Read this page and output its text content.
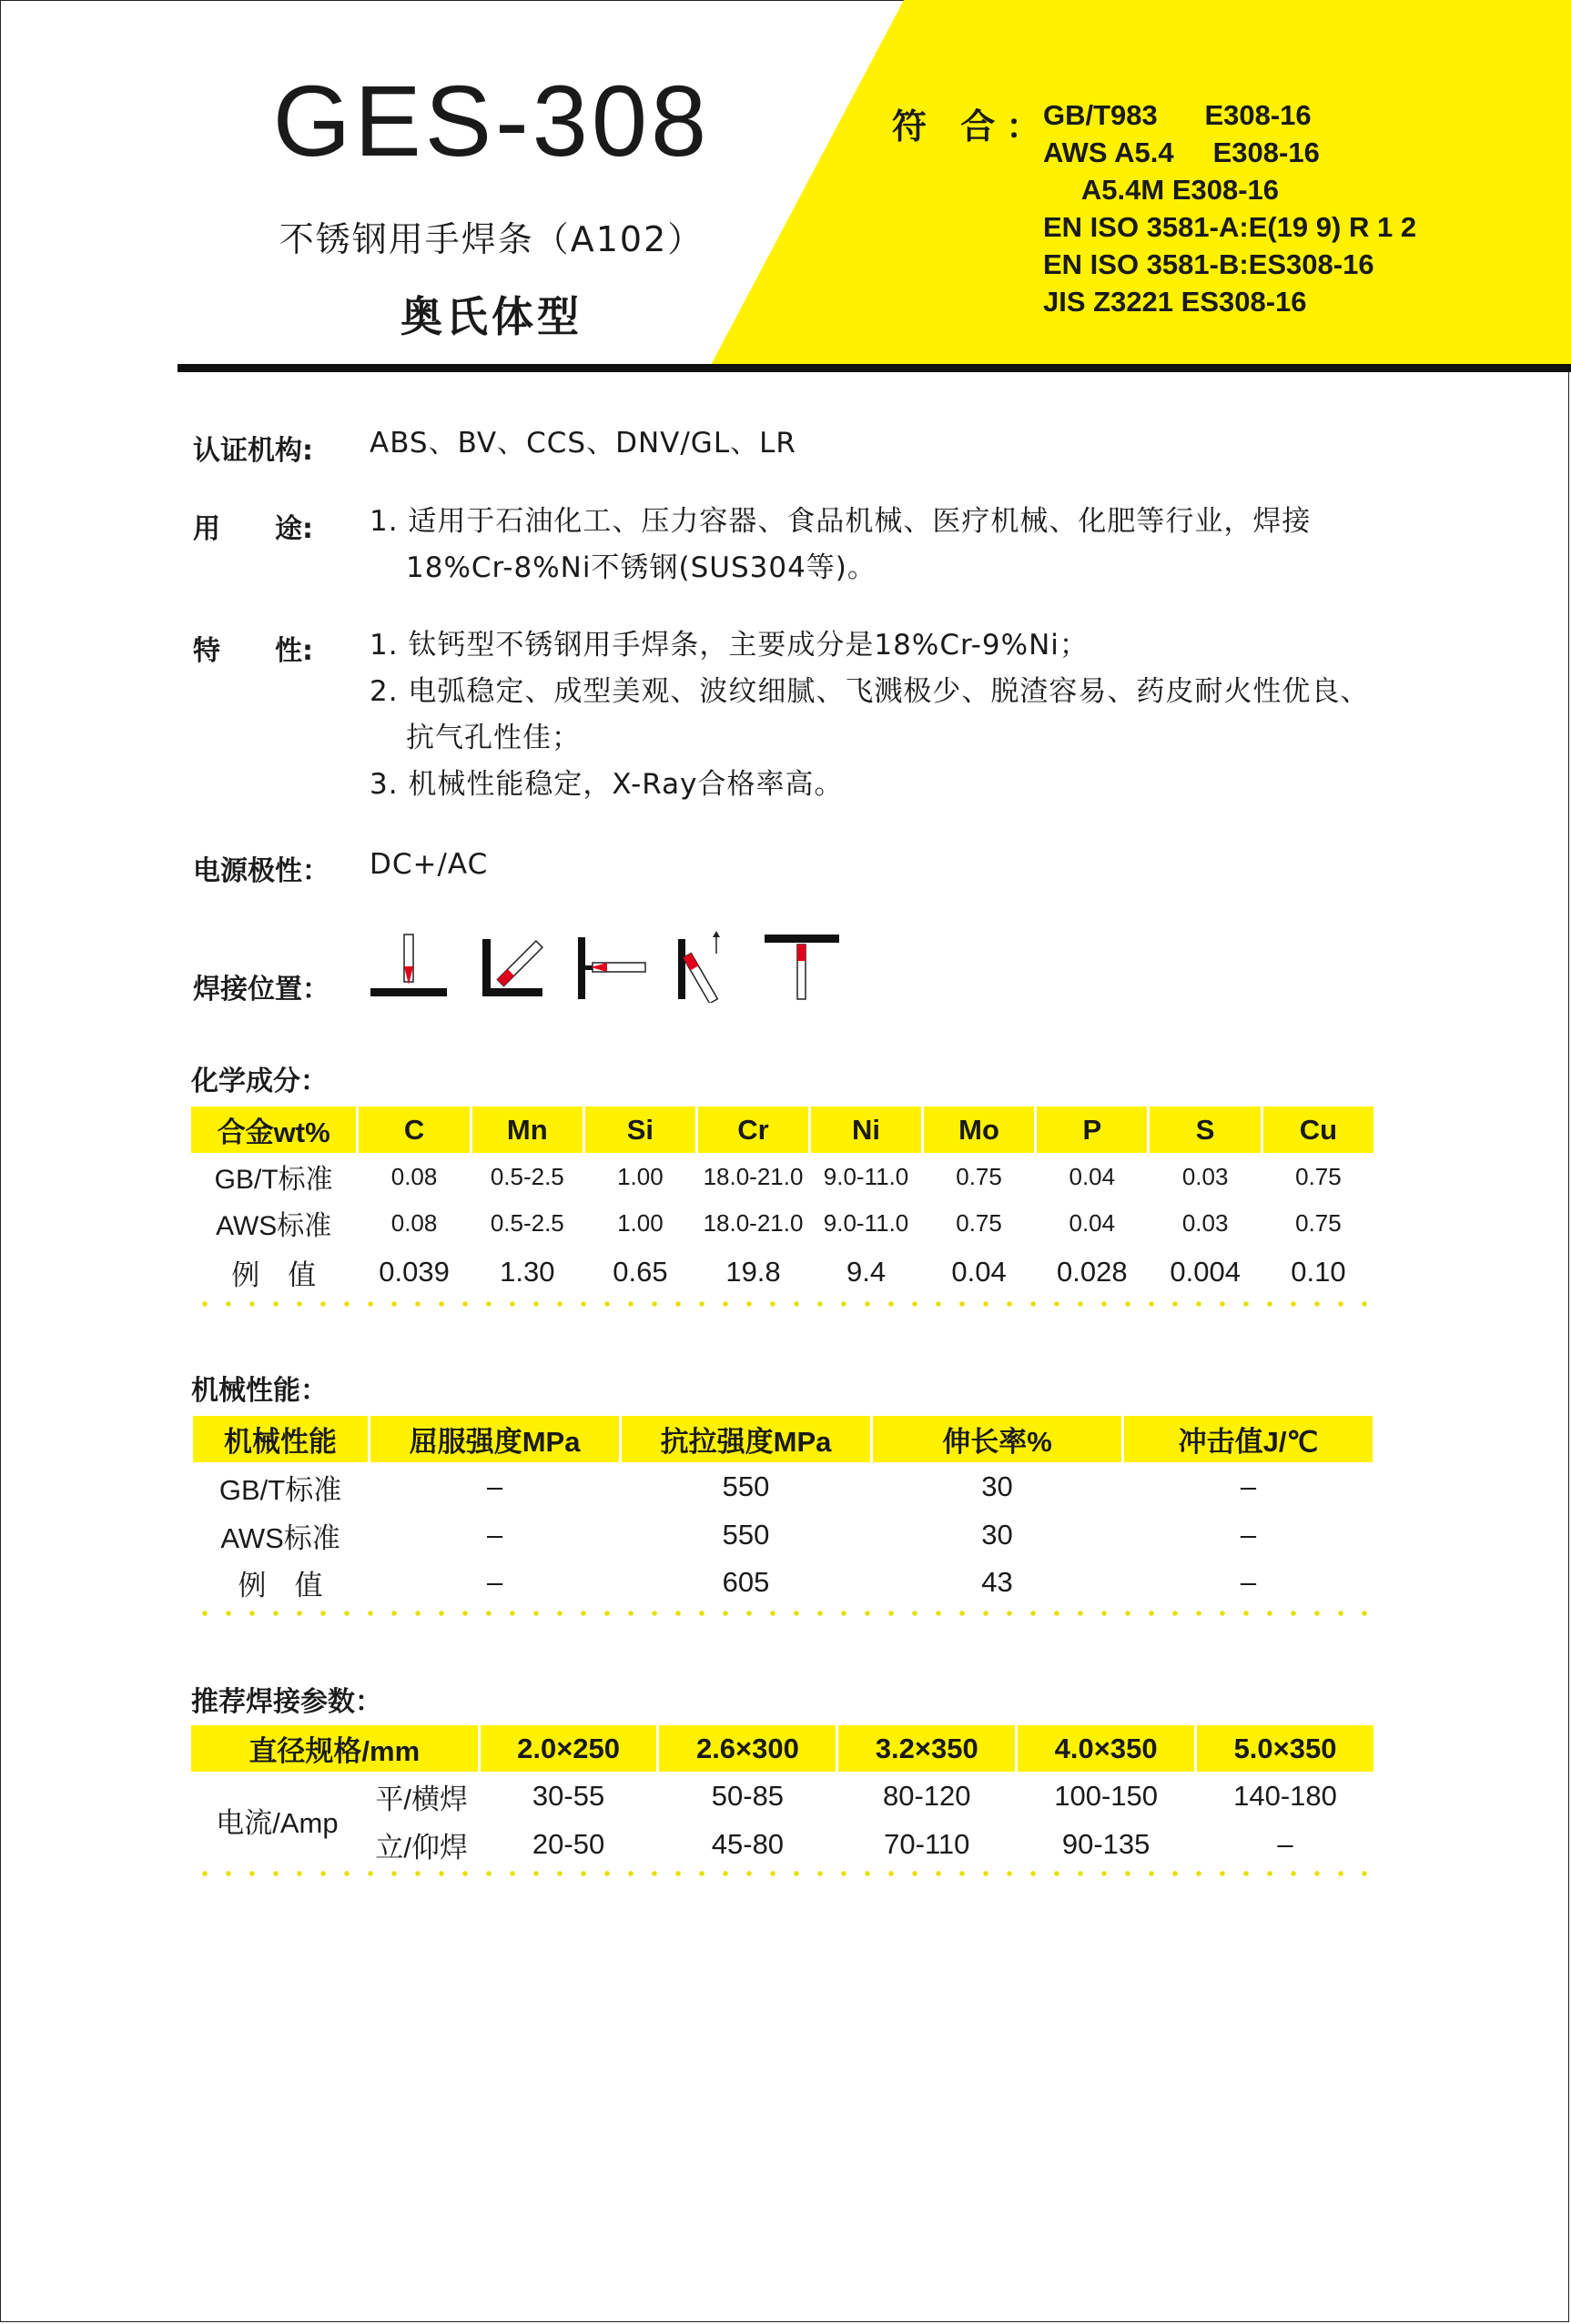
GES-308
不锈钢用手焊条（A102）
奥氏体型
符 合：
GB/T983      E308-16
AWS A5.4     E308-16
A5.4M E308-16
EN ISO 3581-A:E(19 9) R 1 2
EN ISO 3581-B:ES308-16
JIS Z3221 ES308-16
认证机构: ABS、BV、CCS、DNV/GL、LR
用　　途: 1. 适用于石油化工、压力容器、食品机械、医疗机械、化肥等行业，焊接18%Cr-8%Ni不锈钢(SUS304等)。
特　　性: 1. 钛钙型不锈钢用手焊条，主要成分是18%Cr-9%Ni；
2. 电弧稳定、成型美观、波纹细腻、飞溅极少、脱渣容易、药皮耐火性优良、抗气孔性佳；
3. 机械性能稳定，X-Ray合格率高。
电源极性： DC+/AC
焊接位置：
化学成分：
合金wt%	C	Mn	Si	Cr	Ni	Mo	P	S	Cu
GB/T标准	0.08	0.5-2.5	1.00	18.0-21.0	9.0-11.0	0.75	0.04	0.03	0.75
AWS标准	0.08	0.5-2.5	1.00	18.0-21.0	9.0-11.0	0.75	0.04	0.03	0.75
例　值	0.039	1.30	0.65	19.8	9.4	0.04	0.028	0.004	0.10
机械性能：
机械性能	屈服强度MPa	抗拉强度MPa	伸长率%	冲击值J/℃
GB/T标准	–	550	30	–
AWS标准	–	550	30	–
例　值	–	605	43	–
推荐焊接参数：
直径规格/mm		2.0×250	2.6×300	3.2×350	4.0×350	5.0×350
电流/Amp	平/横焊	30-55	50-85	80-120	100-150	140-180
	立/仰焊	20-50	45-80	70-110	90-135	–
